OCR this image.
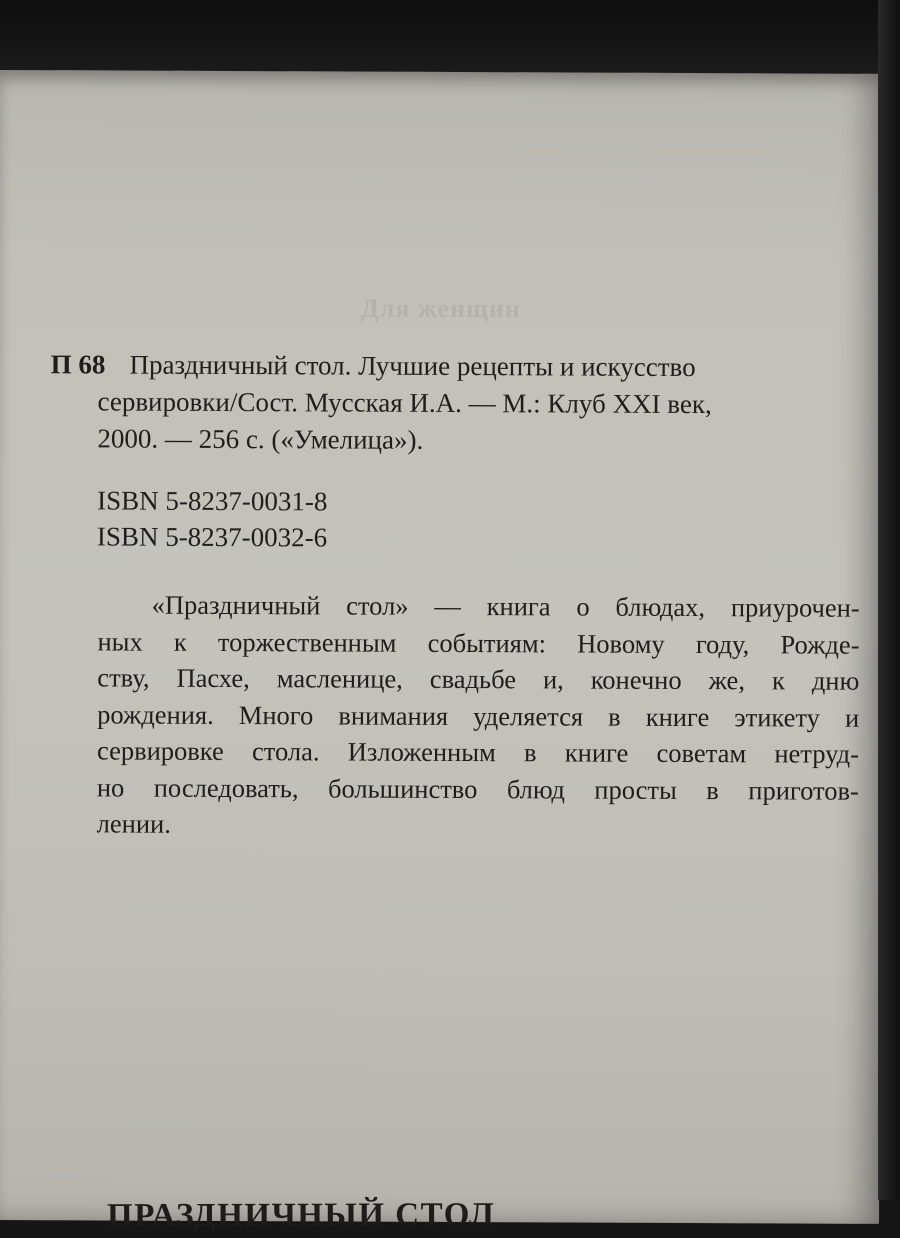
Для женщин
П 68 Праздничный стол. Лучшие рецепты и искусство
сервировки/Сост. Мусская И.А. — М.: Клуб XXI век,
2000. — 256 с. («Умелица»).
ISBN 5-8237-0031-8
ISBN 5-8237-0032-6
«Праздничный стол» — книга о блюдах, приурочен-
ных к торжественным событиям: Новому году, Рожде-
ству, Пасхе, масленице, свадьбе и, конечно же, к дню
рождения. Много внимания уделяется в книге этикету и
сервировке стола. Изложенным в книге советам нетруд-
но последовать, большинство блюд просты в приготов-
лении.
ПРАЗДНИЧНЫЙ СТОЛ
